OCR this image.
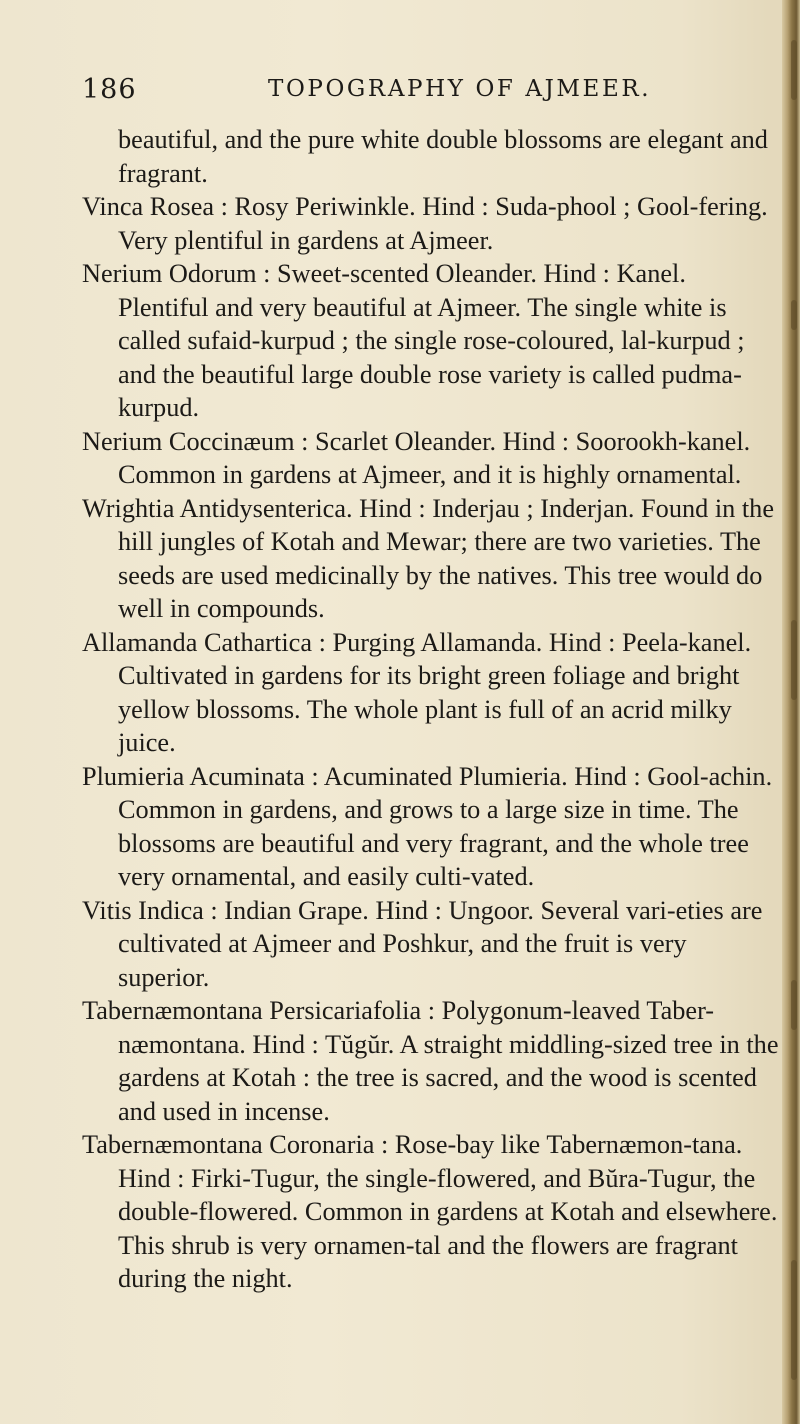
186	TOPOGRAPHY OF AJMEER.

beautiful, and the pure white double blossoms are elegant and fragrant.

Vinca Rosea : Rosy Periwinkle. Hind : Suda-phool ; Gool-fering. Very plentiful in gardens at Ajmeer.

Nerium Odorum : Sweet-scented Oleander. Hind : Kanel. Plentiful and very beautiful at Ajmeer. The single white is called sufaid-kurpud ; the single rose-coloured, lal-kurpud ; and the beautiful large double rose variety is called pudma-kurpud.

Nerium Coccinæum : Scarlet Oleander. Hind : Soorookh-kanel. Common in gardens at Ajmeer, and it is highly ornamental.

Wrightia Antidysenterica. Hind : Inderjau ; Inderjan. Found in the hill jungles of Kotah and Mewar; there are two varieties. The seeds are used medicinally by the natives. This tree would do well in compounds.

Allamanda Cathartica : Purging Allamanda. Hind : Peela-kanel. Cultivated in gardens for its bright green foliage and bright yellow blossoms. The whole plant is full of an acrid milky juice.

Plumieria Acuminata : Acuminated Plumieria. Hind : Gool-achin. Common in gardens, and grows to a large size in time. The blossoms are beautiful and very fragrant, and the whole tree very ornamental, and easily culti-vated.

Vitis Indica : Indian Grape. Hind : Ungoor. Several vari-eties are cultivated at Ajmeer and Poshkur, and the fruit is very superior.

Tabernæmontana Persicariafolia : Polygonum-leaved Taber-næmontana. Hind : Tŭgŭr. A straight middling-sized tree in the gardens at Kotah : the tree is sacred, and the wood is scented and used in incense.

Tabernæmontana Coronaria : Rose-bay like Tabernæmon-tana. Hind : Firki-Tugur, the single-flowered, and Bŭra-Tugur, the double-flowered. Common in gardens at Kotah and elsewhere. This shrub is very ornamen-tal and the flowers are fragrant during the night.
